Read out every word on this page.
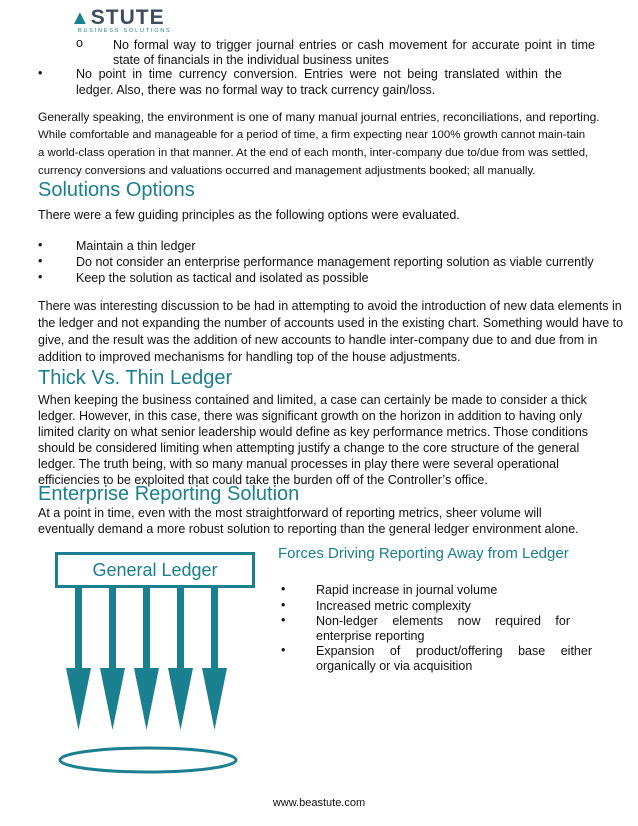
▲STUTE
BUSINESS SOLUTIONS
o No formal way to trigger journal entries or cash movement for accurate point in time
state of financials in the individual business unites
•	No point in time currency conversion. Entries were not being translated within the
ledger. Also, there was no formal way to track currency gain/loss.
Generally speaking, the environment is one of many manual journal entries, reconciliations, and reporting.
While comfortable and manageable for a period of time, a firm expecting near 100% growth cannot main-tain
a world-class operation in that manner. At the end of each month, inter-company due to/due from was settled,
currency conversions and valuations occurred and management adjustments booked; all manually.
Solutions Options
There were a few guiding principles as the following options were evaluated.
•	Maintain a thin ledger
•	Do not consider an enterprise performance management reporting solution as viable currently
•	Keep the solution as tactical and isolated as possible
There was interesting discussion to be had in attempting to avoid the introduction of new data elements in
the ledger and not expanding the number of accounts used in the existing chart. Something would have to
give, and the result was the addition of new accounts to handle inter-company due to and due from in
addition to improved mechanisms for handling top of the house adjustments.
Thick Vs. Thin Ledger
When keeping the business contained and limited, a case can certainly be made to consider a thick
ledger. However, in this case, there was significant growth on the horizon in addition to having only
limited clarity on what senior leadership would define as key performance metrics. Those conditions
should be considered limiting when attempting justify a change to the core structure of the general
ledger. The truth being, with so many manual processes in play there were several operational
efficiencies to be exploited that could take the burden off of the Controller’s office.
Enterprise Reporting Solution
At a point in time, even with the most straightforward of reporting metrics, sheer volume will
eventually demand a more robust solution to reporting than the general ledger environment alone.
General Ledger
Forces Driving Reporting Away from Ledger
• Rapid increase in journal volume
• Increased metric complexity
• Non-ledger elements now required for
enterprise reporting
• Expansion of product/offering base either
organically or via acquisition
www.beastute.com
